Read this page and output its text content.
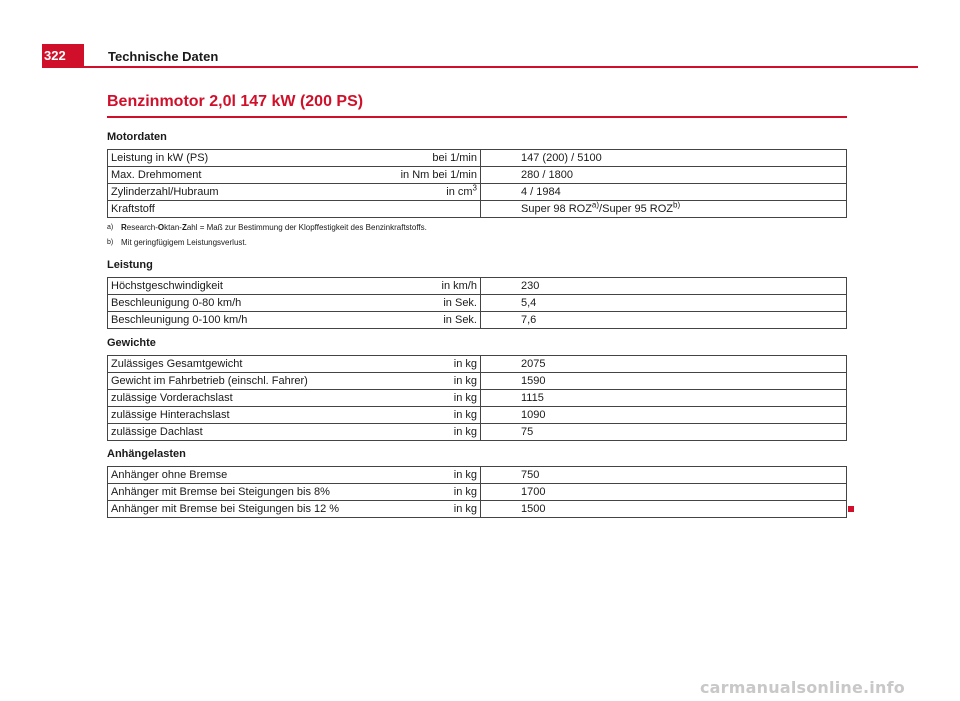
322	Technische Daten
Benzinmotor 2,0l 147 kW (200 PS)
Motordaten
Leistung in kW (PS) bei 1/min	147 (200) / 5100
Max. Drehmoment in Nm bei 1/min	280 / 1800
Zylinderzahl/Hubraum in $cm^3$	4 / 1984
Kraftstoff	Super 98 ROZ$^{a)}$/Super 95 ROZ$^{b)}$
a) Research-Oktan-Zahl = Maß zur Bestimmung der Klopffestigkeit des Benzinkraftstoffs.
b) Mit geringfügigem Leistungsverlust.
Leistung
Höchstgeschwindigkeit in km/h	230
Beschleunigung 0-80 km/h in Sek.	5,4
Beschleunigung 0-100 km/h in Sek.	7,6
Gewichte
Zulässiges Gesamtgewicht in kg	2075
Gewicht im Fahrbetrieb (einschl. Fahrer) in kg	1590
zulässige Vorderachslast in kg	1115
zulässige Hinterachslast in kg	1090
zulässige Dachlast in kg	75
Anhängelasten
Anhänger ohne Bremse in kg	750
Anhänger mit Bremse bei Steigungen bis 8% in kg	1700
Anhänger mit Bremse bei Steigungen bis 12 % in kg	1500
carmanualsonline.info
